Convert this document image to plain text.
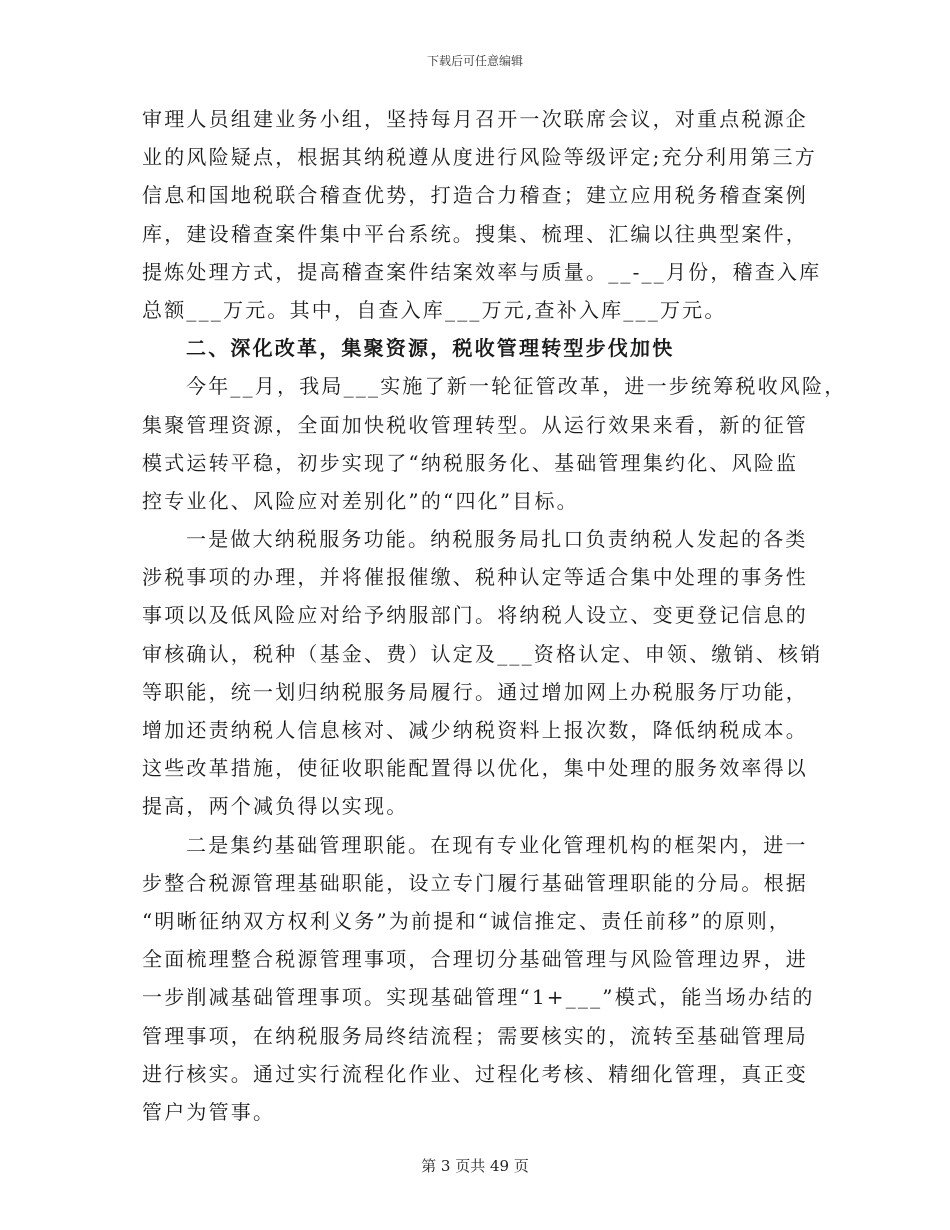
下载后可任意编辑
审理人员组建业务小组，坚持每月召开一次联席会议，对重点税源企
业的风险疑点，根据其纳税遵从度进行风险等级评定;充分利用第三方
信息和国地税联合稽查优势，打造合力稽查；建立应用税务稽查案例
库，建设稽查案件集中平台系统。搜集、梳理、汇编以往典型案件，
提炼处理方式，提高稽查案件结案效率与质量。__-__月份，稽查入库
总额___万元。其中，自查入库___万元,查补入库___万元。
二、深化改革，集聚资源，税收管理转型步伐加快
今年__月，我局___实施了新一轮征管改革，进一步统筹税收风险，
集聚管理资源，全面加快税收管理转型。从运行效果来看，新的征管
模式运转平稳，初步实现了“纳税服务化、基础管理集约化、风险监
控专业化、风险应对差别化”的“四化”目标。
一是做大纳税服务功能。纳税服务局扎口负责纳税人发起的各类
涉税事项的办理，并将催报催缴、税种认定等适合集中处理的事务性
事项以及低风险应对给予纳服部门。将纳税人设立、变更登记信息的
审核确认，税种（基金、费）认定及___资格认定、申领、缴销、核销
等职能，统一划归纳税服务局履行。通过增加网上办税服务厅功能，
增加还责纳税人信息核对、减少纳税资料上报次数，降低纳税成本。
这些改革措施，使征收职能配置得以优化，集中处理的服务效率得以
提高，两个减负得以实现。
二是集约基础管理职能。在现有专业化管理机构的框架内，进一
步整合税源管理基础职能，设立专门履行基础管理职能的分局。根据
“明晰征纳双方权利义务”为前提和“诚信推定、责任前移”的原则，
全面梳理整合税源管理事项，合理切分基础管理与风险管理边界，进
一步削减基础管理事项。实现基础管理“1+___”模式，能当场办结的
管理事项，在纳税服务局终结流程；需要核实的，流转至基础管理局
进行核实。通过实行流程化作业、过程化考核、精细化管理，真正变
管户为管事。
第 3 页共 49 页
